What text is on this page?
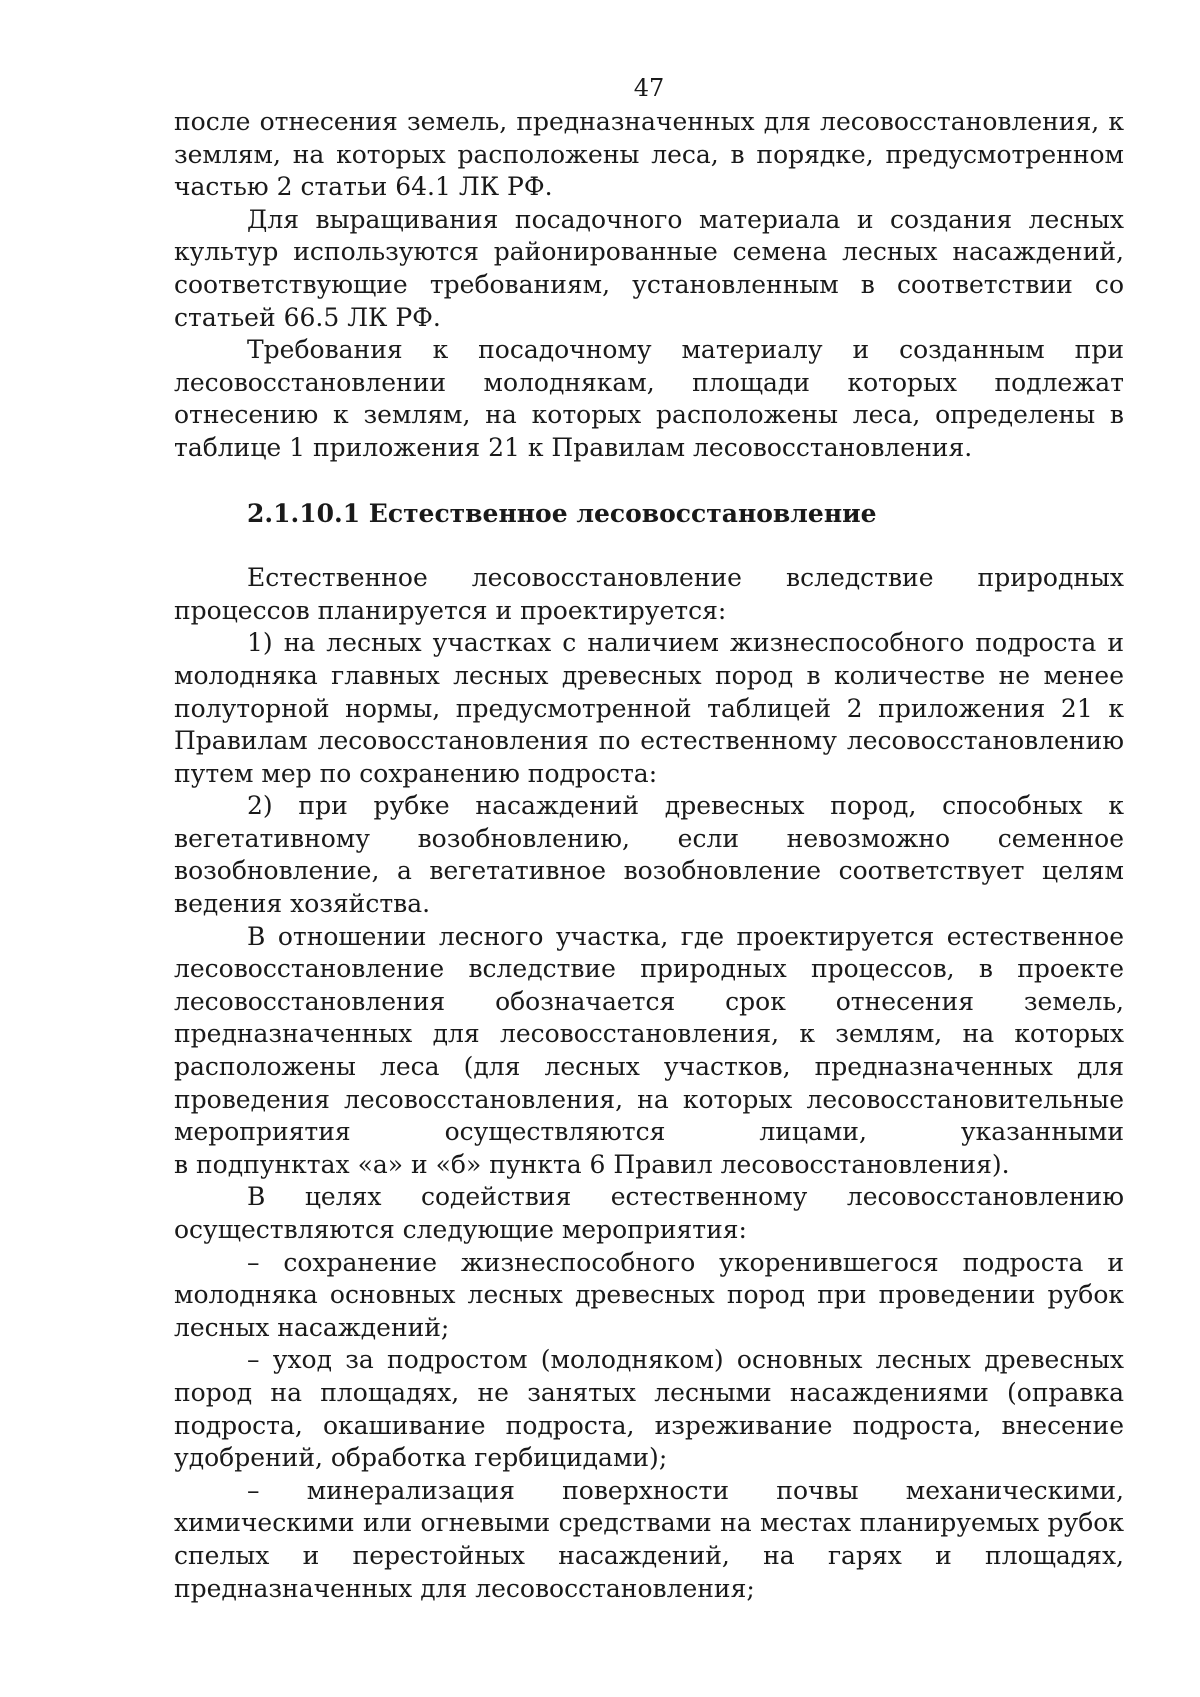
47

после отнесения земель, предназначенных для лесовосстановления, к землям, на которых расположены леса, в порядке, предусмотренном частью 2 статьи 64.1 ЛК РФ.

Для выращивания посадочного материала и создания лесных культур используются районированные семена лесных насаждений, соответствующие требованиям, установленным в соответствии со статьей 66.5 ЛК РФ.

Требования к посадочному материалу и созданным при лесовосстановлении молоднякам, площади которых подлежат отнесению к землям, на которых расположены леса, определены в таблице 1 приложения 21 к Правилам лесовосстановления.

2.1.10.1 Естественное лесовосстановление

Естественное лесовосстановление вследствие природных процессов планируется и проектируется:

1) на лесных участках с наличием жизнеспособного подроста и молодняка главных лесных древесных пород в количестве не менее полуторной нормы, предусмотренной таблицей 2 приложения 21 к Правилам лесовосстановления по естественному лесовосстановлению путем мер по сохранению подроста:

2) при рубке насаждений древесных пород, способных к вегетативному возобновлению, если невозможно семенное возобновление, а вегетативное возобновление соответствует целям ведения хозяйства.

В отношении лесного участка, где проектируется естественное лесовосстановление вследствие природных процессов, в проекте лесовосстановления обозначается срок отнесения земель, предназначенных для лесовосстановления, к землям, на которых расположены леса (для лесных участков, предназначенных для проведения лесовосстановления, на которых лесовосстановительные мероприятия осуществляются лицами, указанными

в подпунктах «а» и «б» пункта 6 Правил лесовосстановления).

В целях содействия естественному лесовосстановлению осуществляются следующие мероприятия:

– сохранение жизнеспособного укоренившегося подроста и молодняка основных лесных древесных пород при проведении рубок лесных насаждений;

– уход за подростом (молодняком) основных лесных древесных пород на площадях, не занятых лесными насаждениями (оправка подроста, окашивание подроста, изреживание подроста, внесение удобрений, обработка гербицидами);

– минерализация поверхности почвы механическими, химическими или огневыми средствами на местах планируемых рубок спелых и перестойных насаждений, на гарях и площадях, предназначенных для лесовосстановления;
